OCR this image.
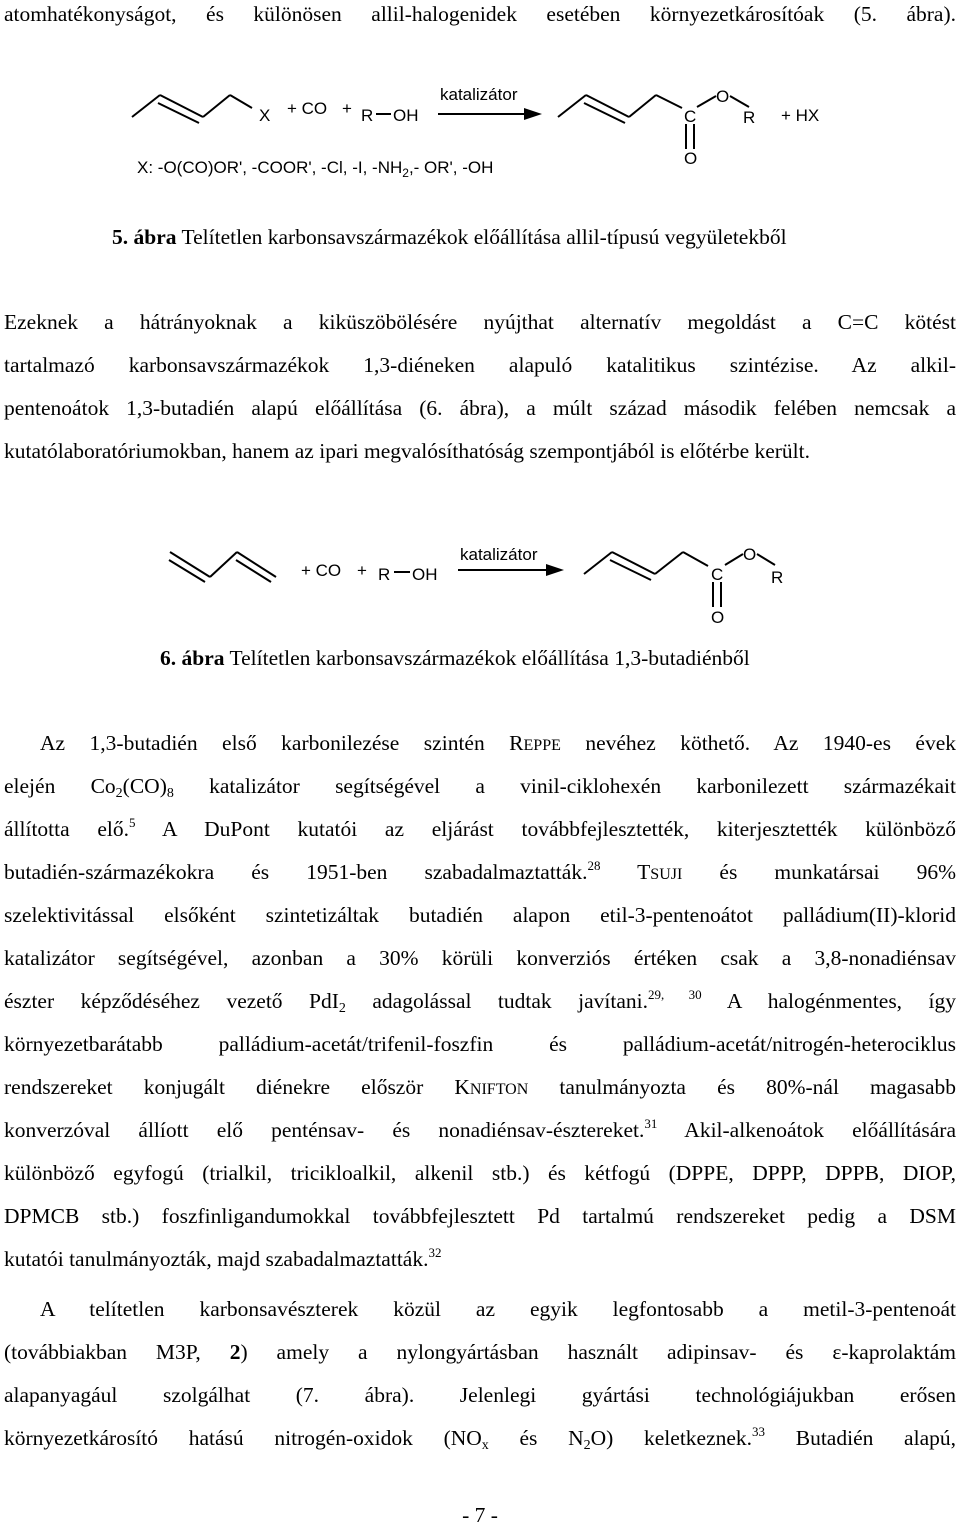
atomhatékonyságot, és különösen allil-halogenidek esetében környezetkárosítóak (5. ábra).
X + CO + R OH
katalizátor
C
O
R + HX
O
X: -O(CO)OR', -COOR', -Cl, -I, $-NH_2,-$ OR', -OH
5. ábra Telítetlen karbonsavszármazékok előállítása allil-típusú vegyületekből
Ezeknek a hátrányoknak a kiküszöbölésére nyújthat alternatív megoldást a C=C kötést
tartalmazó karbonsavszármazékok 1,3-diéneken alapuló katalitikus szintézise. Az alkil-
pentenoátok 1,3-butadién alapú előállítása (6. ábra), a múlt század második felében nemcsak a
kutatólaboratóriumokban, hanem az ipari megvalósíthatóság szempontjából is előtérbe került.
+ CO + R OH
katalizátor
C
O
R
O
6. ábra Telítetlen karbonsavszármazékok előállítása 1,3-butadiénből
Az 1,3-butadién első karbonilezése szintén REPPE nevéhez köthető. Az 1940-es évek
elején $Co_2(CO)_8$ katalizátor segítségével a vinil-ciklohexén karbonilezett származékait
állította elő.$^5$ A DuPont kutatói az eljárást továbbfejlesztették, kiterjesztették különböző
butadién-származékokra és 1951-ben szabadalmaztatták.$^{28}$ TSUJI és munkatársai 96%
szelektivitással elsőként szintetizáltak butadién alapon etil-3-pentenoátot palládium(II)-klorid
katalizátor segítségével, azonban a 30% körüli konverziós értéken csak a 3,8-nonadiénsav
észter képződéséhez vezető PdI$_2$ adagolással tudtak javítani.$^{29, 30}$ A halogénmentes, így
környezetbarátabb palládium-acetát/trifenil-foszfin és palládium-acetát/nitrogén-heterociklus
rendszereket konjugált diénekre először KNIFTON tanulmányozta és 80%-nál magasabb
konverzóval állíott elő penténsav- és nonadiénsav-észtereket.$^{31}$ Akil-alkenoátok előállítására
különböző egyfogú (trialkil, tricikloalkil, alkenil stb.) és kétfogú (DPPE, DPPP, DPPB, DIOP,
DPMCB stb.) foszfinligandumokkal továbbfejlesztett Pd tartalmú rendszereket pedig a DSM
kutatói tanulmányozták, majd szabadalmaztatták.$^{32}$
A telítetlen karbonsavészterek közül az egyik legfontosabb a metil-3-pentenoát
(továbbiakban M3P, 2) amely a nylongyártásban használt adipinsav- és ε-kaprolaktám
alapanyagául szolgálhat (7. ábra). Jelenlegi gyártási technológiájukban erősen
környezetkárosító hatású nitrogén-oxidok ($NO_x$ és $N_2O$) keletkeznek.$^{33}$ Butadién alapú,
- 7 -
